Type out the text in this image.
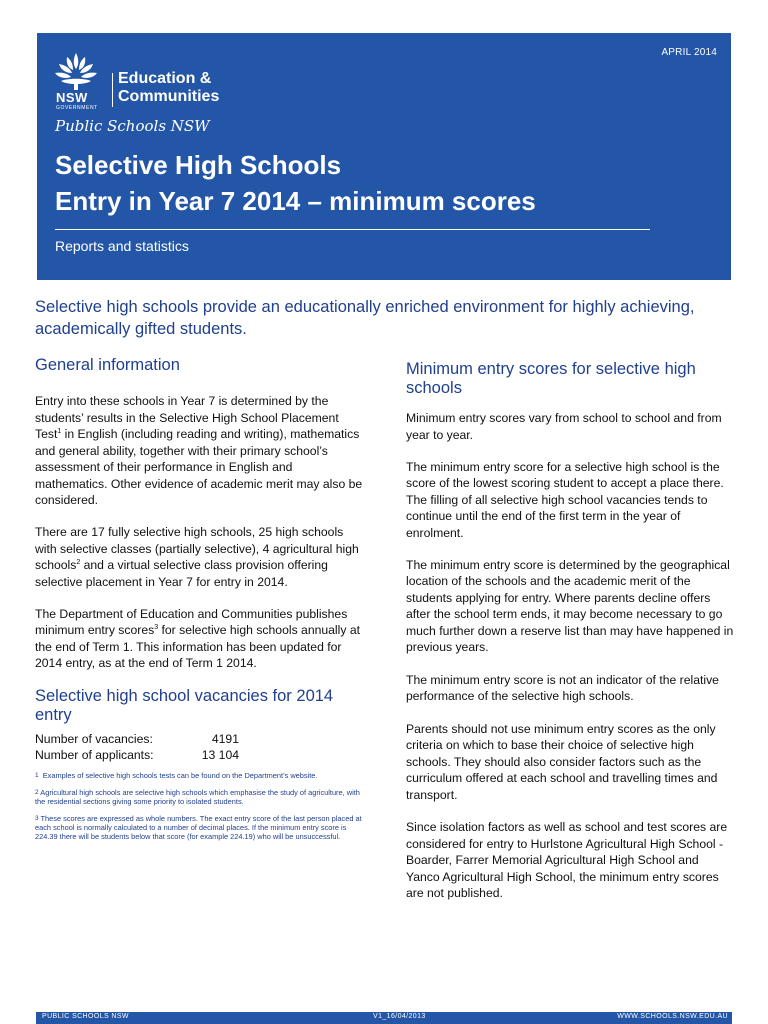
APRIL 2014
NSW
GOVERNMENT
Education &
Communities
Public Schools NSW
Selective High Schools
Entry in Year 7 2014 – minimum scores
Reports and statistics
Selective high schools provide an educationally enriched environment for highly achieving, academically gifted students.
General information

Entry into these schools in Year 7 is determined by the students’ results in the Selective High School Placement Test$^1$ in English (including reading and writing), mathematics and general ability, together with their primary school’s assessment of their performance in English and mathematics. Other evidence of academic merit may also be considered.

There are 17 fully selective high schools, 25 high schools with selective classes (partially selective), 4 agricultural high schools$^2$ and a virtual selective class provision offering selective placement in Year 7 for entry in 2014.

The Department of Education and Communities publishes minimum entry scores$^3$ for selective high schools annually at the end of Term 1. This information has been updated for 2014 entry, as at the end of Term 1 2014.

Selective high school vacancies for 2014 entry
Number of vacancies:	4191
Number of applicants:	13 104
1 Examples of selective high schools tests can be found on the Department’s website.
2 Agricultural high schools are selective high schools which emphasise the study of agriculture, with the residential sections giving some priority to isolated students.
3 These scores are expressed as whole numbers. The exact entry score of the last person placed at each school is normally calculated to a number of decimal places. If the minimum entry score is 224.39 there will be students below that score (for example 224.19) who will be unsuccessful.
Minimum entry scores for selective high schools

Minimum entry scores vary from school to school and from year to year.

The minimum entry score for a selective high school is the score of the lowest scoring student to accept a place there. The filling of all selective high school vacancies tends to continue until the end of the first term in the year of enrolment.

The minimum entry score is determined by the geographical location of the schools and the academic merit of the students applying for entry. Where parents decline offers after the school term ends, it may become necessary to go much further down a reserve list than may have happened in previous years.

The minimum entry score is not an indicator of the relative performance of the selective high schools.

Parents should not use minimum entry scores as the only criteria on which to base their choice of selective high schools. They should also consider factors such as the curriculum offered at each school and travelling times and transport.

Since isolation factors as well as school and test scores are considered for entry to Hurlstone Agricultural High School - Boarder, Farrer Memorial Agricultural High School and Yanco Agricultural High School, the minimum entry scores are not published.

PUBLIC SCHOOLS NSW	V1_16/04/2013	WWW.SCHOOLS.NSW.EDU.AU
